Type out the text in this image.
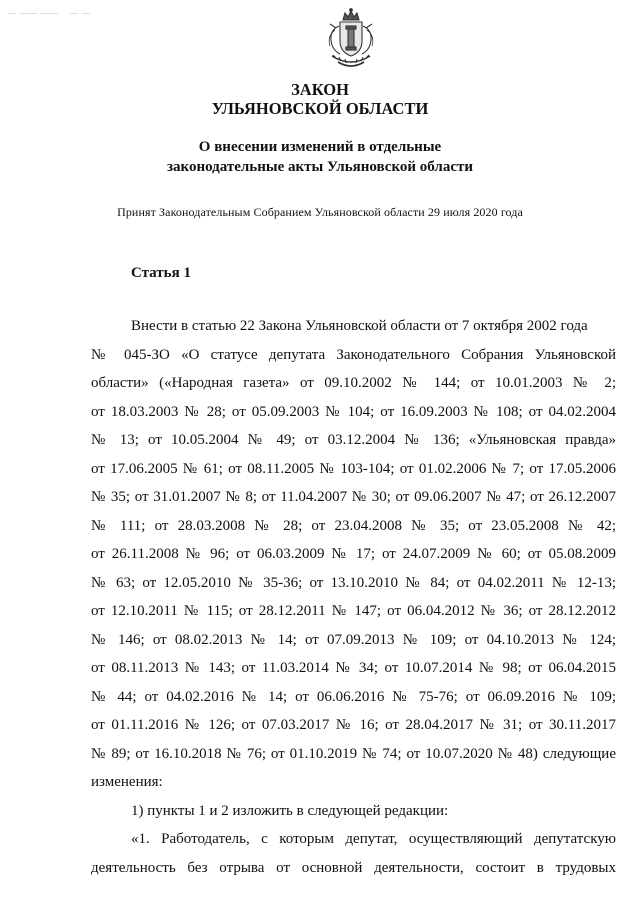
— —— —— — —
ЗАКОН
УЛЬЯНОВСКОЙ ОБЛАСТИ
О внесении изменений в отдельные
законодательные акты Ульяновской области
Принят Законодательным Собранием Ульяновской области 29 июля 2020 года
Статья 1
Внести в статью 22 Закона Ульяновской области от 7 октября 2002 года
№ 045-ЗО «О статусе депутата Законодательного Собрания Ульяновской
области» («Народная газета» от 09.10.2002 № 144; от 10.01.2003 № 2;
от 18.03.2003 № 28; от 05.09.2003 № 104; от 16.09.2003 № 108; от 04.02.2004
№ 13; от 10.05.2004 № 49; от 03.12.2004 № 136; «Ульяновская правда»
от 17.06.2005 № 61; от 08.11.2005 № 103-104; от 01.02.2006 № 7; от 17.05.2006
№ 35; от 31.01.2007 № 8; от 11.04.2007 № 30; от 09.06.2007 № 47; от 26.12.2007
№ 111; от 28.03.2008 № 28; от 23.04.2008 № 35; от 23.05.2008 № 42;
от 26.11.2008 № 96; от 06.03.2009 № 17; от 24.07.2009 № 60; от 05.08.2009
№ 63; от 12.05.2010 № 35-36; от 13.10.2010 № 84; от 04.02.2011 № 12-13;
от 12.10.2011 № 115; от 28.12.2011 № 147; от 06.04.2012 № 36; от 28.12.2012
№ 146; от 08.02.2013 № 14; от 07.09.2013 № 109; от 04.10.2013 № 124;
от 08.11.2013 № 143; от 11.03.2014 № 34; от 10.07.2014 № 98; от 06.04.2015
№ 44; от 04.02.2016 № 14; от 06.06.2016 № 75-76; от 06.09.2016 № 109;
от 01.11.2016 № 126; от 07.03.2017 № 16; от 28.04.2017 № 31; от 30.11.2017
№ 89; от 16.10.2018 № 76; от 01.10.2019 № 74; от 10.07.2020 № 48) следующие
изменения:
1) пункты 1 и 2 изложить в следующей редакции:
«1. Работодатель, с которым депутат, осуществляющий депутатскую
деятельность без отрыва от основной деятельности, состоит в трудовых
